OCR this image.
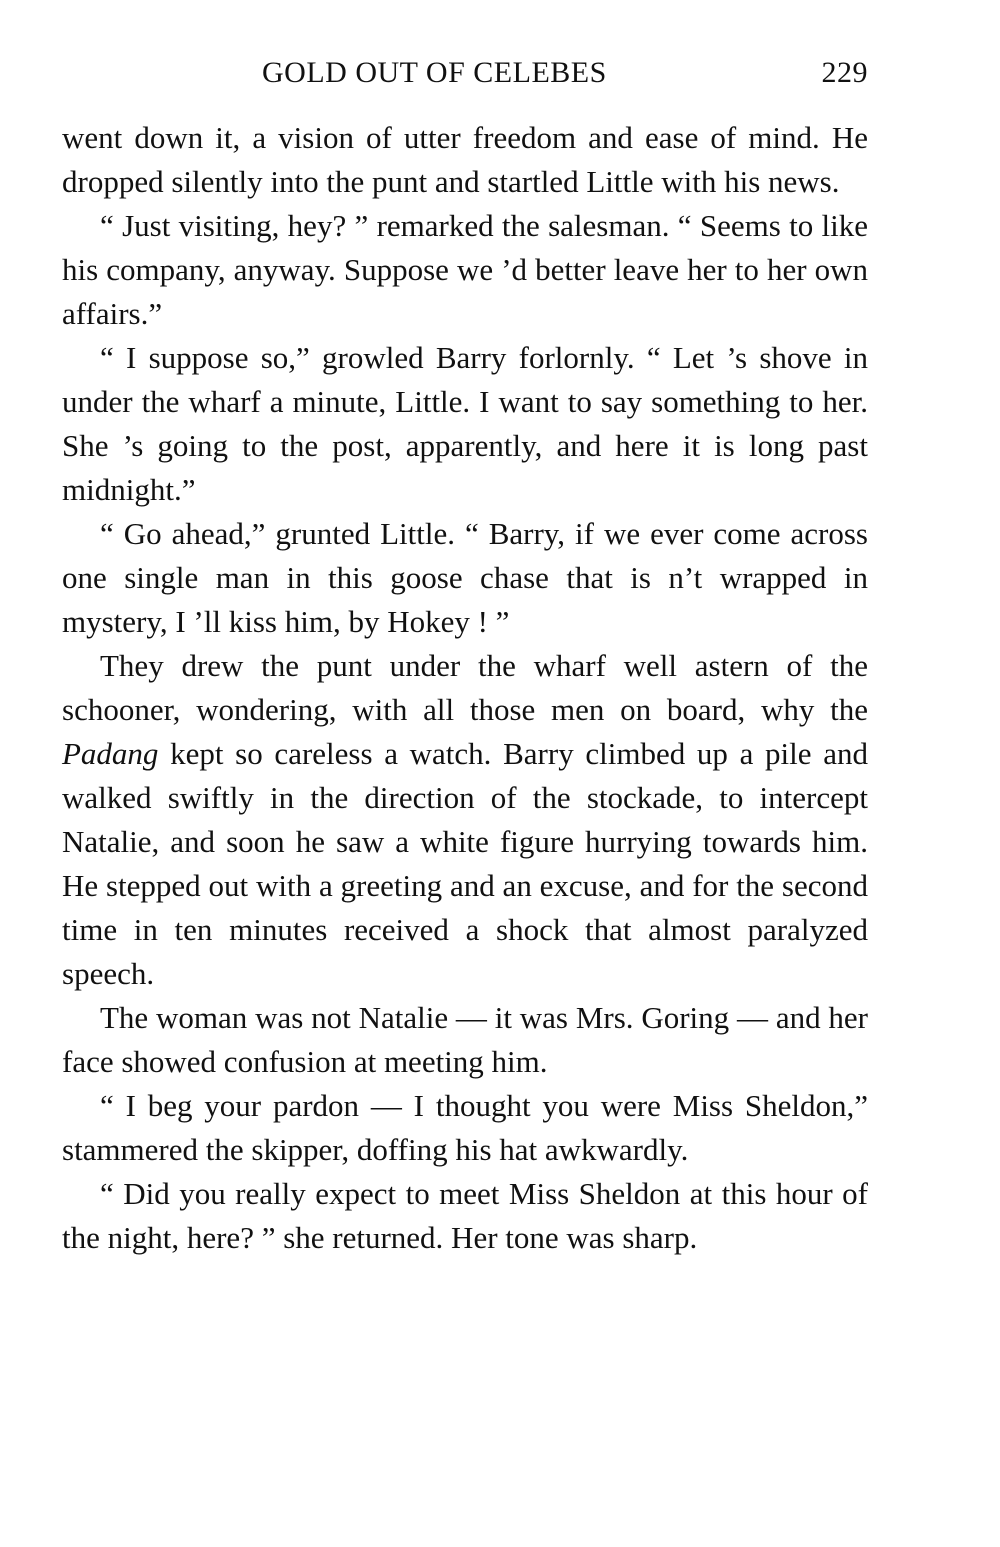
GOLD OUT OF CELEBES	229

went down it, a vision of utter freedom and ease of mind. He dropped silently into the punt and startled Little with his news.

“ Just visiting, hey? ” remarked the salesman. “ Seems to like his company, anyway. Suppose we ’d better leave her to her own affairs.”

“ I suppose so,” growled Barry forlornly. “ Let ’s shove in under the wharf a minute, Little. I want to say something to her. She ’s going to the post, apparently, and here it is long past midnight.”

“ Go ahead,” grunted Little. “ Barry, if we ever come across one single man in this goose chase that is n’t wrapped in mystery, I ’ll kiss him, by Hokey ! ”

They drew the punt under the wharf well astern of the schooner, wondering, with all those men on board, why the Padang kept so careless a watch. Barry climbed up a pile and walked swiftly in the direction of the stockade, to intercept Natalie, and soon he saw a white figure hurrying towards him. He stepped out with a greeting and an excuse, and for the second time in ten minutes received a shock that almost paralyzed speech.

The woman was not Natalie — it was Mrs. Goring — and her face showed confusion at meeting him.

“ I beg your pardon — I thought you were Miss Sheldon,” stammered the skipper, doffing his hat awkwardly.

“ Did you really expect to meet Miss Sheldon at this hour of the night, here? ” she returned. Her tone was sharp.
